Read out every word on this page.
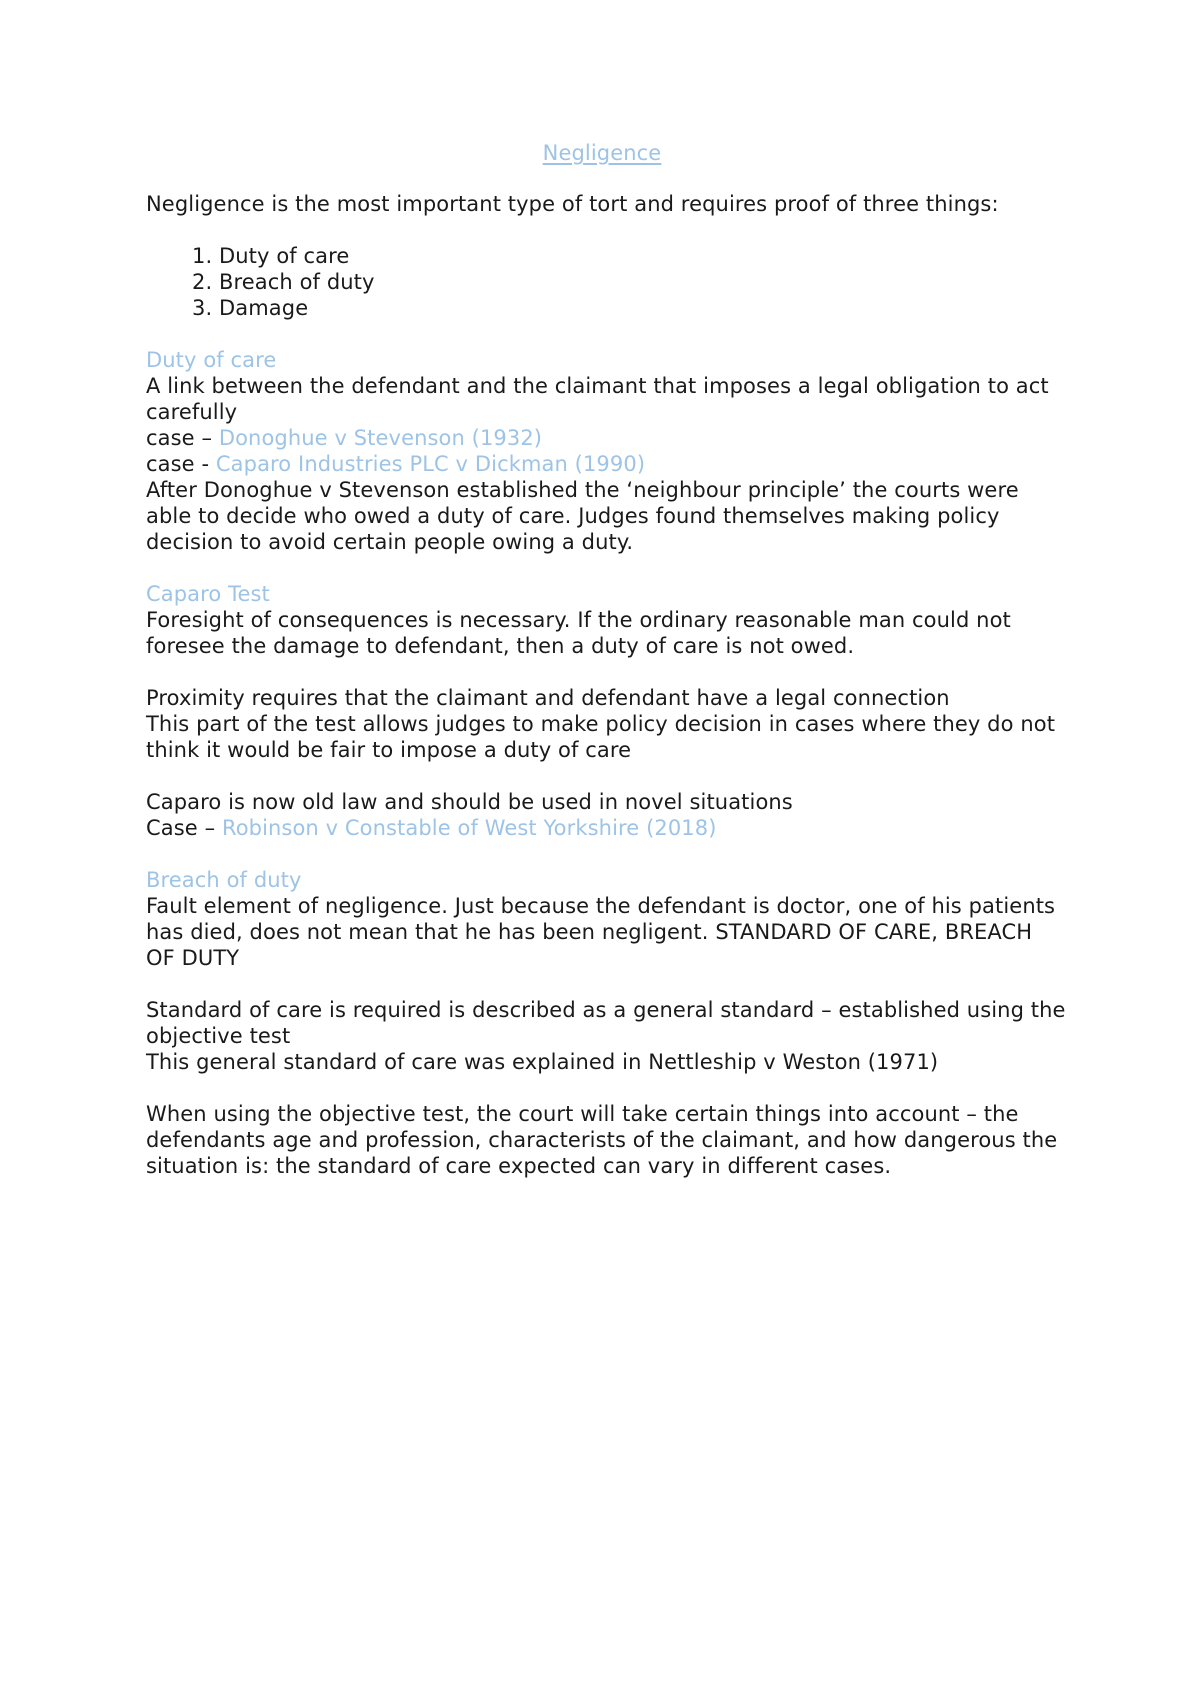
Negligence

Negligence is the most important type of tort and requires proof of three things:

1. Duty of care
2. Breach of duty
3. Damage

Duty of care

A link between the defendant and the claimant that imposes a legal obligation to act carefully

case – Donoghue v Stevenson (1932)

case - Caparo Industries PLC v Dickman (1990)

After Donoghue v Stevenson established the ‘neighbour principle’ the courts were able to decide who owed a duty of care. Judges found themselves making policy decision to avoid certain people owing a duty.

Caparo Test

Foresight of consequences is necessary. If the ordinary reasonable man could not foresee the damage to defendant, then a duty of care is not owed.

Proximity requires that the claimant and defendant have a legal connection

This part of the test allows judges to make policy decision in cases where they do not think it would be fair to impose a duty of care

Caparo is now old law and should be used in novel situations

Case – Robinson v Constable of West Yorkshire (2018)

Breach of duty

Fault element of negligence. Just because the defendant is doctor, one of his patients has died, does not mean that he has been negligent. STANDARD OF CARE, BREACH OF DUTY

Standard of care is required is described as a general standard – established using the objective test

This general standard of care was explained in Nettleship v Weston (1971)

When using the objective test, the court will take certain things into account – the defendants age and profession, characterists of the claimant, and how dangerous the situation is: the standard of care expected can vary in different cases.
